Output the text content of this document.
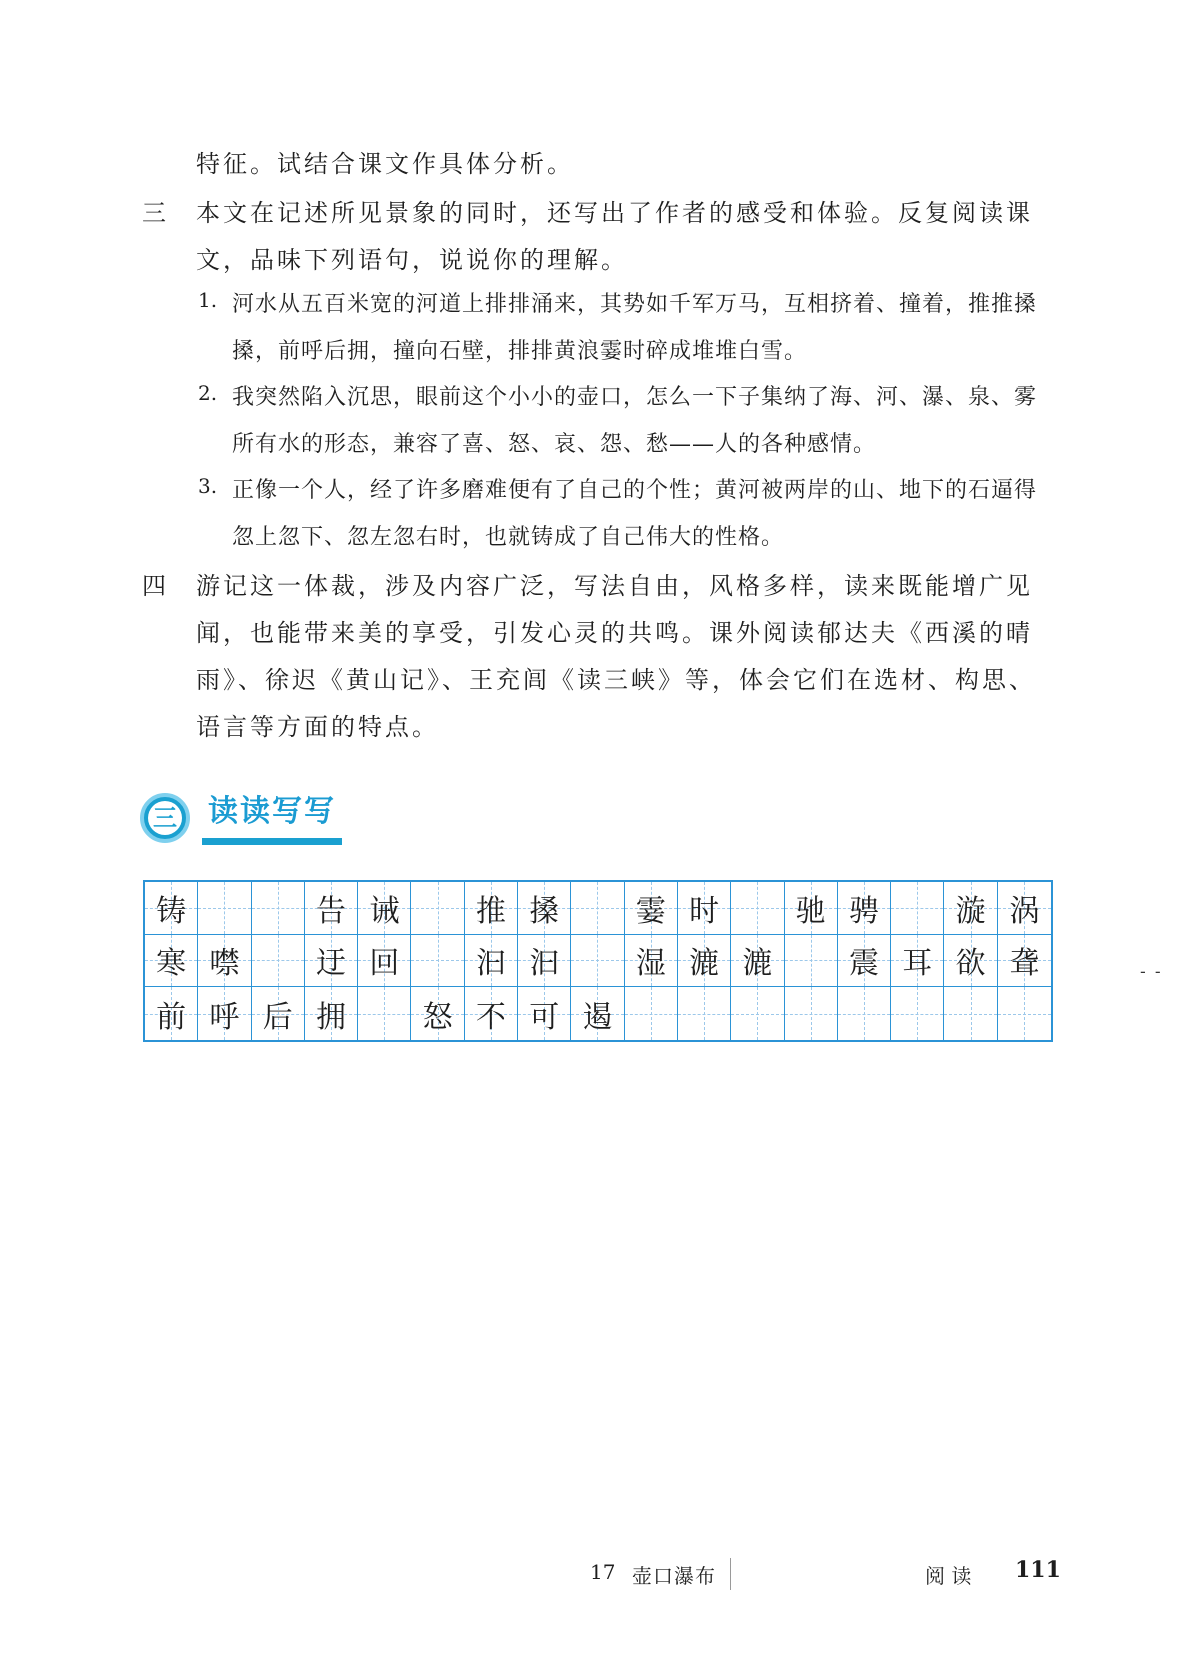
特征。试结合课文作具体分析。
三 本文在记述所见景象的同时，还写出了作者的感受和体验。反复阅读课
文，品味下列语句，说说你的理解。
1. 河水从五百米宽的河道上排排涌来，其势如千军万马，互相挤着、撞着，推推搡
搡，前呼后拥，撞向石壁，排排黄浪霎时碎成堆堆白雪。
2. 我突然陷入沉思，眼前这个小小的壶口，怎么一下子集纳了海、河、瀑、泉、雾
所有水的形态，兼容了喜、怒、哀、怨、愁——人的各种感情。
3. 正像一个人，经了许多磨难便有了自己的个性；黄河被两岸的山、地下的石逼得
忽上忽下、忽左忽右时，也就铸成了自己伟大的性格。
四 游记这一体裁，涉及内容广泛，写法自由，风格多样，读来既能增广见
闻，也能带来美的享受，引发心灵的共鸣。课外阅读郁达夫《西溪的晴
雨》、徐迟《黄山记》、王充闾《读三峡》等，体会它们在选材、构思、
语言等方面的特点。
三 读读写写
铸	告 诫	推 搡	霎 时	驰 骋	漩 涡
寒 噤	迂 回	汩 汩	湿 漉 漉	震 耳 欲 聋
前 呼 后 拥	怒 不 可 遏
- -
17 壶口瀑布	阅 读 111
